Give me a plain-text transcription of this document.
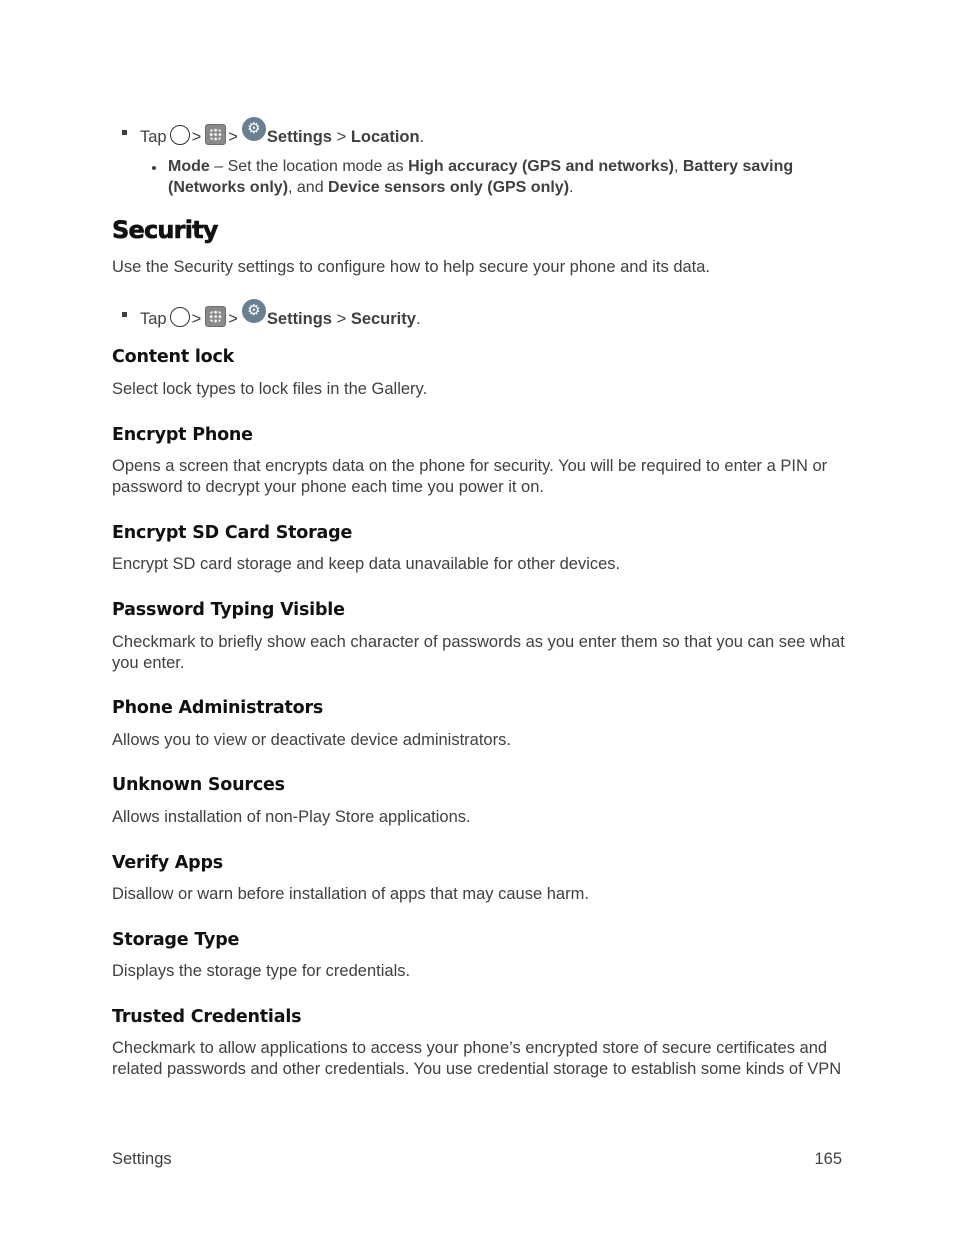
Tap > > ⚙ Settings
>
Location .
Mode – Set the location mode as High accuracy (GPS and networks), Battery saving (Networks only), and Device sensors only (GPS only).
Security

Use the Security settings to configure how to help secure your phone and its data.

Tap > > ⚙ Settings
>
Security .
Content lock

Select lock types to lock files in the Gallery.

Encrypt Phone

Opens a screen that encrypts data on the phone for security. You will be required to enter a PIN or password to decrypt your phone each time you power it on.

Encrypt SD Card Storage

Encrypt SD card storage and keep data unavailable for other devices.

Password Typing Visible

Checkmark to briefly show each character of passwords as you enter them so that you can see what you enter.

Phone Administrators

Allows you to view or deactivate device administrators.

Unknown Sources

Allows installation of non-Play Store applications.

Verify Apps

Disallow or warn before installation of apps that may cause harm.

Storage Type

Displays the storage type for credentials.

Trusted Credentials

Checkmark to allow applications to access your phone’s encrypted store of secure certificates and related passwords and other credentials. You use credential storage to establish some kinds of VPN

Settings	165
